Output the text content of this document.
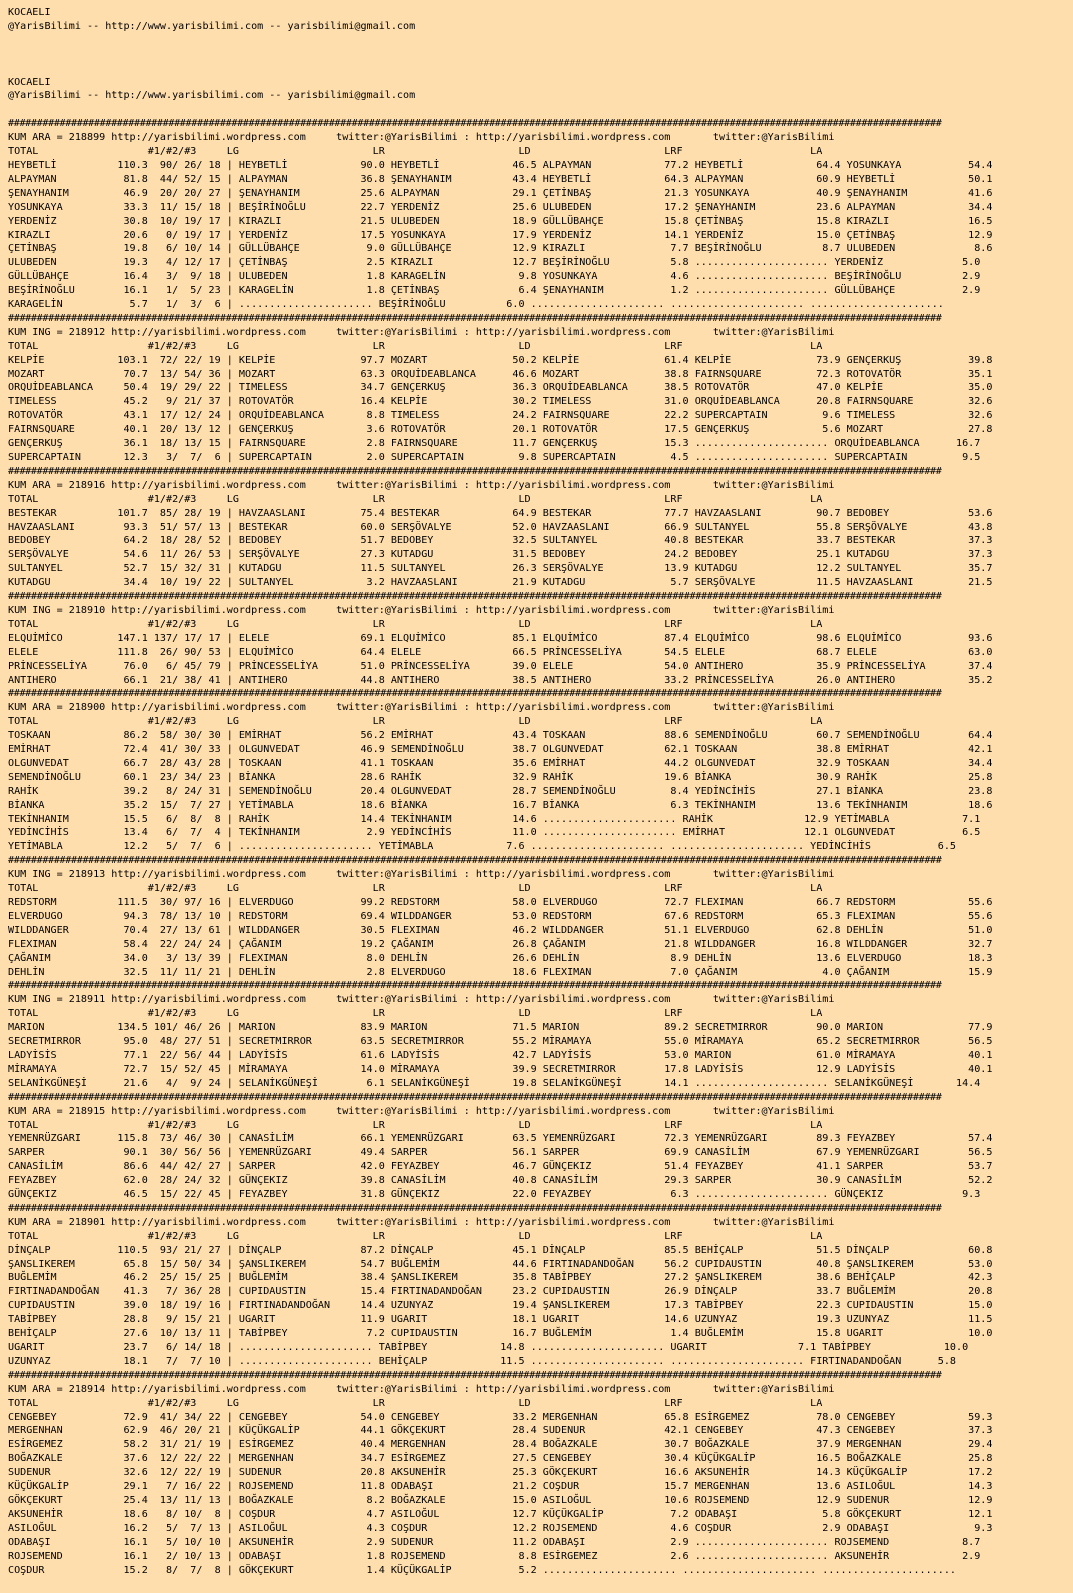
KOCAELI
@YarisBilimi -- http://www.yarisbilimi.com -- yarisbilimi@gmail.com

KOCAELI
@YarisBilimi -- http://www.yarisbilimi.com -- yarisbilimi@gmail.com

###################################################################################################################################################################
KUM ARA = 218899 http://yarisbilimi.wordpress.com     twitter:@YarisBilimi : http://yarisbilimi.wordpress.com       twitter:@YarisBilimi
TOTAL                  #1/#2/#3     LG                      LR                      LD                      LRF                     LA
HEYBETLİ          110.3  90/ 26/ 18 | HEYBETLİ            90.0 HEYBETLİ            46.5 ALPAYMAN            77.2 HEYBETLİ            64.4 YOSUNKAYA           54.4
ALPAYMAN           81.8  44/ 52/ 15 | ALPAYMAN            36.8 ŞENAYHANIM          43.4 HEYBETLİ            64.3 ALPAYMAN            60.9 HEYBETLİ            50.1
ŞENAYHANIM         46.9  20/ 20/ 27 | ŞENAYHANIM          25.6 ALPAYMAN            29.1 ÇETİNBAŞ            21.3 YOSUNKAYA           40.9 ŞENAYHANIM          41.6
YOSUNKAYA          33.3  11/ 15/ 18 | BEŞİRİNOĞLU         22.7 YERDENİZ            25.6 ULUBEDEN            17.2 ŞENAYHANIM          23.6 ALPAYMAN            34.4
YERDENİZ           30.8  10/ 19/ 17 | KIRAZLI             21.5 ULUBEDEN            18.9 GÜLLÜBAHÇE          15.8 ÇETİNBAŞ            15.8 KIRAZLI             16.5
KIRAZLI            20.6   0/ 19/ 17 | YERDENİZ            17.5 YOSUNKAYA           17.9 YERDENİZ            14.1 YERDENİZ            15.0 ÇETİNBAŞ            12.9
ÇETİNBAŞ           19.8   6/ 10/ 14 | GÜLLÜBAHÇE           9.0 GÜLLÜBAHÇE          12.9 KIRAZLI              7.7 BEŞİRİNOĞLU          8.7 ULUBEDEN             8.6
ULUBEDEN           19.3   4/ 12/ 17 | ÇETİNBAŞ             2.5 KIRAZLI             12.7 BEŞİRİNOĞLU          5.8 ...................... YERDENİZ             5.0
GÜLLÜBAHÇE         16.4   3/  9/ 18 | ULUBEDEN             1.8 KARAGELİN            9.8 YOSUNKAYA            4.6 ...................... BEŞİRİNOĞLU          2.9
BEŞİRİNOĞLU        16.1   1/  5/ 23 | KARAGELİN            1.8 ÇETİNBAŞ             6.4 ŞENAYHANIM           1.2 ...................... GÜLLÜBAHÇE           2.9
KARAGELİN           5.7   1/  3/  6 | ...................... BEŞİRİNOĞLU          6.0 ...................... ...................... ......................
###################################################################################################################################################################
KUM ING = 218912 http://yarisbilimi.wordpress.com     twitter:@YarisBilimi : http://yarisbilimi.wordpress.com       twitter:@YarisBilimi
TOTAL                  #1/#2/#3     LG                      LR                      LD                      LRF                     LA
KELPİE            103.1  72/ 22/ 19 | KELPİE              97.7 MOZART              50.2 KELPİE              61.4 KELPİE              73.9 GENÇERKUŞ           39.8
MOZART             70.7  13/ 54/ 36 | MOZART              63.3 ORQUİDEABLANCA      46.6 MOZART              38.8 FAIRNSQUARE         72.3 ROTOVATÖR           35.1
ORQUİDEABLANCA     50.4  19/ 29/ 22 | TIMELESS            34.7 GENÇERKUŞ           36.3 ORQUİDEABLANCA      38.5 ROTOVATÖR           47.0 KELPİE              35.0
TIMELESS           45.2   9/ 21/ 37 | ROTOVATÖR           16.4 KELPİE              30.2 TIMELESS            31.0 ORQUİDEABLANCA      20.8 FAIRNSQUARE         32.6
ROTOVATÖR          43.1  17/ 12/ 24 | ORQUİDEABLANCA       8.8 TIMELESS            24.2 FAIRNSQUARE         22.2 SUPERCAPTAIN         9.6 TIMELESS            32.6
FAIRNSQUARE        40.1  20/ 13/ 12 | GENÇERKUŞ            3.6 ROTOVATÖR           20.1 ROTOVATÖR           17.5 GENÇERKUŞ            5.6 MOZART              27.8
GENÇERKUŞ          36.1  18/ 13/ 15 | FAIRNSQUARE          2.8 FAIRNSQUARE         11.7 GENÇERKUŞ           15.3 ...................... ORQUİDEABLANCA      16.7
SUPERCAPTAIN       12.3   3/  7/  6 | SUPERCAPTAIN         2.0 SUPERCAPTAIN         9.8 SUPERCAPTAIN         4.5 ...................... SUPERCAPTAIN         9.5
###################################################################################################################################################################
KUM ARA = 218916 http://yarisbilimi.wordpress.com     twitter:@YarisBilimi : http://yarisbilimi.wordpress.com       twitter:@YarisBilimi
TOTAL                  #1/#2/#3     LG                      LR                      LD                      LRF                     LA
BESTEKAR          101.7  85/ 28/ 19 | HAVZAASLANI         75.4 BESTEKAR            64.9 BESTEKAR            77.7 HAVZAASLANI         90.7 BEDOBEY             53.6
HAVZAASLANI        93.3  51/ 57/ 13 | BESTEKAR            60.0 SERŞÖVALYE          52.0 HAVZAASLANI         66.9 SULTANYEL           55.8 SERŞÖVALYE          43.8
BEDOBEY            64.2  18/ 28/ 52 | BEDOBEY             51.7 BEDOBEY             32.5 SULTANYEL           40.8 BESTEKAR            33.7 BESTEKAR            37.3
SERŞÖVALYE         54.6  11/ 26/ 53 | SERŞÖVALYE          27.3 KUTADGU             31.5 BEDOBEY             24.2 BEDOBEY             25.1 KUTADGU             37.3
SULTANYEL          52.7  15/ 32/ 31 | KUTADGU             11.5 SULTANYEL           26.3 SERŞÖVALYE          13.9 KUTADGU             12.2 SULTANYEL           35.7
KUTADGU            34.4  10/ 19/ 22 | SULTANYEL            3.2 HAVZAASLANI         21.9 KUTADGU              5.7 SERŞÖVALYE          11.5 HAVZAASLANI         21.5
###################################################################################################################################################################
KUM ING = 218910 http://yarisbilimi.wordpress.com     twitter:@YarisBilimi : http://yarisbilimi.wordpress.com       twitter:@YarisBilimi
TOTAL                  #1/#2/#3     LG                      LR                      LD                      LRF                     LA
ELQUİMİCO         147.1 137/ 17/ 17 | ELELE               69.1 ELQUİMİCO           85.1 ELQUİMİCO           87.4 ELQUİMİCO           98.6 ELQUİMİCO           93.6
ELELE             111.8  26/ 90/ 53 | ELQUİMİCO           64.4 ELELE               66.5 PRİNCESSELİYA       54.5 ELELE               68.7 ELELE               63.0
PRİNCESSELİYA      76.0   6/ 45/ 79 | PRİNCESSELİYA       51.0 PRİNCESSELİYA       39.0 ELELE               54.0 ANTIHERO            35.9 PRİNCESSELİYA       37.4
ANTIHERO           66.1  21/ 38/ 41 | ANTIHERO            44.8 ANTIHERO            38.5 ANTIHERO            33.2 PRİNCESSELİYA       26.0 ANTIHERO            35.2
###################################################################################################################################################################
KUM ARA = 218900 http://yarisbilimi.wordpress.com     twitter:@YarisBilimi : http://yarisbilimi.wordpress.com       twitter:@YarisBilimi
TOTAL                  #1/#2/#3     LG                      LR                      LD                      LRF                     LA
TOSKAAN            86.2  58/ 30/ 30 | EMİRHAT             56.2 EMİRHAT             43.4 TOSKAAN             88.6 SEMENDİNOĞLU        60.7 SEMENDİNOĞLU        64.4
EMİRHAT            72.4  41/ 30/ 33 | OLGUNVEDAT          46.9 SEMENDİNOĞLU        38.7 OLGUNVEDAT          62.1 TOSKAAN             38.8 EMİRHAT             42.1
OLGUNVEDAT         66.7  28/ 43/ 28 | TOSKAAN             41.1 TOSKAAN             35.6 EMİRHAT             44.2 OLGUNVEDAT          32.9 TOSKAAN             34.4
SEMENDİNOĞLU       60.1  23/ 34/ 23 | BİANKA              28.6 RAHİK               32.9 RAHİK               19.6 BİANKA              30.9 RAHİK               25.8
RAHİK              39.2   8/ 24/ 31 | SEMENDİNOĞLU        20.4 OLGUNVEDAT          28.7 SEMENDİNOĞLU         8.4 YEDİNCİHİS          27.1 BİANKA              23.8
BİANKA             35.2  15/  7/ 27 | YETİMABLA           18.6 BİANKA              16.7 BİANKA               6.3 TEKİNHANIM          13.6 TEKİNHANIM          18.6
TEKİNHANIM         15.5   6/  8/  8 | RAHİK               14.4 TEKİNHANIM          14.6 ...................... RAHİK               12.9 YETİMABLA            7.1
YEDİNCİHİS         13.4   6/  7/  4 | TEKİNHANIM           2.9 YEDİNCİHİS          11.0 ...................... EMİRHAT             12.1 OLGUNVEDAT           6.5
YETİMABLA          12.2   5/  7/  6 | ...................... YETİMABLA            7.6 ...................... ...................... YEDİNCİHİS           6.5
###################################################################################################################################################################
KUM ING = 218913 http://yarisbilimi.wordpress.com     twitter:@YarisBilimi : http://yarisbilimi.wordpress.com       twitter:@YarisBilimi
TOTAL                  #1/#2/#3     LG                      LR                      LD                      LRF                     LA
REDSTORM          111.5  30/ 97/ 16 | ELVERDUGO           99.2 REDSTORM            58.0 ELVERDUGO           72.7 FLEXIMAN            66.7 REDSTORM            55.6
ELVERDUGO          94.3  78/ 13/ 10 | REDSTORM            69.4 WILDDANGER          53.0 REDSTORM            67.6 REDSTORM            65.3 FLEXIMAN            55.6
WILDDANGER         70.4  27/ 13/ 61 | WILDDANGER          30.5 FLEXIMAN            46.2 WILDDANGER          51.1 ELVERDUGO           62.8 DEHLİN              51.0
FLEXIMAN           58.4  22/ 24/ 24 | ÇAĞANIM             19.2 ÇAĞANIM             26.8 ÇAĞANIM             21.8 WILDDANGER          16.8 WILDDANGER          32.7
ÇAĞANIM            34.0   3/ 13/ 39 | FLEXIMAN             8.0 DEHLİN              26.6 DEHLİN               8.9 DEHLİN              13.6 ELVERDUGO           18.3
DEHLİN             32.5  11/ 11/ 21 | DEHLİN               2.8 ELVERDUGO           18.6 FLEXIMAN             7.0 ÇAĞANIM              4.0 ÇAĞANIM             15.9
###################################################################################################################################################################
KUM ING = 218911 http://yarisbilimi.wordpress.com     twitter:@YarisBilimi : http://yarisbilimi.wordpress.com       twitter:@YarisBilimi
TOTAL                  #1/#2/#3     LG                      LR                      LD                      LRF                     LA
MARION            134.5 101/ 46/ 26 | MARION              83.9 MARION              71.5 MARION              89.2 SECRETMIRROR        90.0 MARION              77.9
SECRETMIRROR       95.0  48/ 27/ 51 | SECRETMIRROR        63.5 SECRETMIRROR        55.2 MİRAMAYA            55.0 MİRAMAYA            65.2 SECRETMIRROR        56.5
LADYİSİS           77.1  22/ 56/ 44 | LADYİSİS            61.6 LADYİSİS            42.7 LADYİSİS            53.0 MARION              61.0 MİRAMAYA            40.1
MİRAMAYA           72.7  15/ 52/ 45 | MİRAMAYA            14.0 MİRAMAYA            39.9 SECRETMIRROR        17.8 LADYİSİS            12.9 LADYİSİS            40.1
SELANİKGÜNEŞİ      21.6   4/  9/ 24 | SELANİKGÜNEŞİ        6.1 SELANİKGÜNEŞİ       19.8 SELANİKGÜNEŞİ       14.1 ...................... SELANİKGÜNEŞİ       14.4
###################################################################################################################################################################
KUM ARA = 218915 http://yarisbilimi.wordpress.com     twitter:@YarisBilimi : http://yarisbilimi.wordpress.com       twitter:@YarisBilimi
TOTAL                  #1/#2/#3     LG                      LR                      LD                      LRF                     LA
YEMENRÜZGARI      115.8  73/ 46/ 30 | CANASİLİM           66.1 YEMENRÜZGARI        63.5 YEMENRÜZGARI        72.3 YEMENRÜZGARI        89.3 FEYAZBEY            57.4
SARPER             90.1  30/ 56/ 56 | YEMENRÜZGARI        49.4 SARPER              56.1 SARPER              69.9 CANASİLİM           67.9 YEMENRÜZGARI        56.5
CANASİLİM          86.6  44/ 42/ 27 | SARPER              42.0 FEYAZBEY            46.7 GÜNÇEKIZ            51.4 FEYAZBEY            41.1 SARPER              53.7
FEYAZBEY           62.0  28/ 24/ 32 | GÜNÇEKIZ            39.8 CANASİLİM           40.8 CANASİLİM           29.3 SARPER              30.9 CANASİLİM           52.2
GÜNÇEKIZ           46.5  15/ 22/ 45 | FEYAZBEY            31.8 GÜNÇEKIZ            22.0 FEYAZBEY             6.3 ...................... GÜNÇEKIZ             9.3
###################################################################################################################################################################
KUM ARA = 218901 http://yarisbilimi.wordpress.com     twitter:@YarisBilimi : http://yarisbilimi.wordpress.com       twitter:@YarisBilimi
TOTAL                  #1/#2/#3     LG                      LR                      LD                      LRF                     LA
DİNÇALP           110.5  93/ 21/ 27 | DİNÇALP             87.2 DİNÇALP             45.1 DİNÇALP             85.5 BEHİÇALP            51.5 DİNÇALP             60.8
ŞANSLIKEREM        65.8  15/ 50/ 34 | ŞANSLIKEREM         54.7 BUĞLEMİM            44.6 FIRTINADANDOĞAN     56.2 CUPIDAUSTIN         40.8 ŞANSLIKEREM         53.0
BUĞLEMİM           46.2  25/ 15/ 25 | BUĞLEMİM            38.4 ŞANSLIKEREM         35.8 TABİPBEY            27.2 ŞANSLIKEREM         38.6 BEHİÇALP            42.3
FIRTINADANDOĞAN    41.3   7/ 36/ 28 | CUPIDAUSTIN         15.4 FIRTINADANDOĞAN     23.2 CUPIDAUSTIN         26.9 DİNÇALP             33.7 BUĞLEMİM            20.8
CUPIDAUSTIN        39.0  18/ 19/ 16 | FIRTINADANDOĞAN     14.4 UZUNYAZ             19.4 ŞANSLIKEREM         17.3 TABİPBEY            22.3 CUPIDAUSTIN         15.0
TABİPBEY           28.8   9/ 15/ 21 | UGARIT              11.9 UGARIT              18.1 UGARIT              14.6 UZUNYAZ             19.3 UZUNYAZ             11.5
BEHİÇALP           27.6  10/ 13/ 11 | TABİPBEY             7.2 CUPIDAUSTIN         16.7 BUĞLEMİM             1.4 BUĞLEMİM            15.8 UGARIT              10.0
UGARIT             23.7   6/ 14/ 18 | ...................... TABİPBEY            14.8 ...................... UGARIT               7.1 TABİPBEY            10.0
UZUNYAZ            18.1   7/  7/ 10 | ...................... BEHİÇALP            11.5 ...................... ...................... FIRTINADANDOĞAN      5.8
###################################################################################################################################################################
KUM ARA = 218914 http://yarisbilimi.wordpress.com     twitter:@YarisBilimi : http://yarisbilimi.wordpress.com       twitter:@YarisBilimi
TOTAL                  #1/#2/#3     LG                      LR                      LD                      LRF                     LA
CENGEBEY           72.9  41/ 34/ 22 | CENGEBEY            54.0 CENGEBEY            33.2 MERGENHAN           65.8 ESİRGEMEZ           78.0 CENGEBEY            59.3
MERGENHAN          62.9  46/ 20/ 21 | KÜÇÜKGALİP          44.1 GÖKÇEKURT           28.4 SUDENUR             42.1 CENGEBEY            47.3 CENGEBEY            37.3
ESİRGEMEZ          58.2  31/ 21/ 19 | ESİRGEMEZ           40.4 MERGENHAN           28.4 BOĞAZKALE           30.7 BOĞAZKALE           37.9 MERGENHAN           29.4
BOĞAZKALE          37.6  12/ 22/ 22 | MERGENHAN           34.7 ESİRGEMEZ           27.5 CENGEBEY            30.4 KÜÇÜKGALİP          16.5 BOĞAZKALE           25.8
SUDENUR            32.6  12/ 22/ 19 | SUDENUR             20.8 AKSUNEHİR           25.3 GÖKÇEKURT           16.6 AKSUNEHİR           14.3 KÜÇÜKGALİP          17.2
KÜÇÜKGALİP         29.1   7/ 16/ 22 | ROJSEMEND           11.8 ODABAŞI             21.2 COŞDUR              15.7 MERGENHAN           13.6 ASILOĞUL            14.3
GÖKÇEKURT          25.4  13/ 11/ 13 | BOĞAZKALE            8.2 BOĞAZKALE           15.0 ASILOĞUL            10.6 ROJSEMEND           12.9 SUDENUR             12.9
AKSUNEHİR          18.6   8/ 10/  8 | COŞDUR               4.7 ASILOĞUL            12.7 KÜÇÜKGALİP           7.2 ODABAŞI              5.8 GÖKÇEKURT           12.1
ASILOĞUL           16.2   5/  7/ 13 | ASILOĞUL             4.3 COŞDUR              12.2 ROJSEMEND            4.6 COŞDUR               2.9 ODABAŞI              9.3
ODABAŞI            16.1   5/ 10/ 10 | AKSUNEHİR            2.9 SUDENUR             11.2 ODABAŞI              2.9 ...................... ROJSEMEND            8.7
ROJSEMEND          16.1   2/ 10/ 13 | ODABAŞI              1.8 ROJSEMEND            8.8 ESİRGEMEZ            2.6 ...................... AKSUNEHİR            2.9
COŞDUR             15.2   8/  7/  8 | GÖKÇEKURT            1.4 KÜÇÜKGALİP           5.2 ...................... ...................... ......................
